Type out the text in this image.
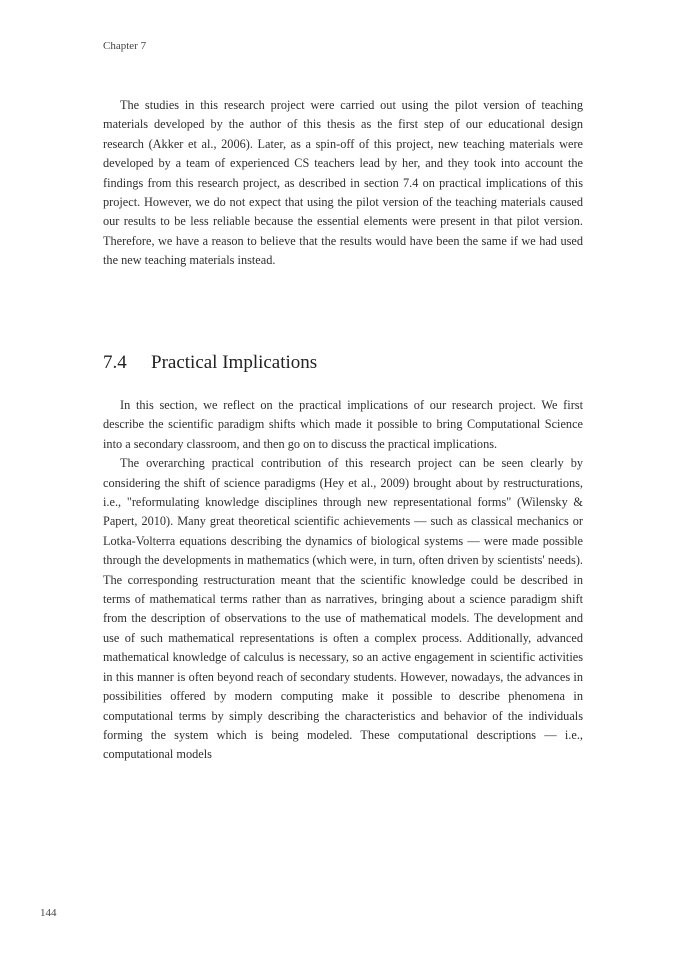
Chapter 7

The studies in this research project were carried out using the pilot version of teaching materials developed by the author of this thesis as the first step of our educational design research (Akker et al., 2006). Later, as a spin-off of this project, new teaching materials were developed by a team of experienced CS teachers lead by her, and they took into account the findings from this research project, as described in section 7.4 on practical implications of this project. However, we do not expect that using the pilot version of the teaching materials caused our results to be less reliable because the essential elements were present in that pilot version. Therefore, we have a reason to believe that the results would have been the same if we had used the new teaching materials instead.

7.4 Practical Implications

In this section, we reflect on the practical implications of our research project. We first describe the scientific paradigm shifts which made it possible to bring Computational Science into a secondary classroom, and then go on to discuss the practical implications.

The overarching practical contribution of this research project can be seen clearly by considering the shift of science paradigms (Hey et al., 2009) brought about by restructurations, i.e., "reformulating knowledge disciplines through new representational forms" (Wilensky & Papert, 2010). Many great theoretical scientific achievements — such as classical mechanics or Lotka-Volterra equations describing the dynamics of biological systems — were made possible through the developments in mathematics (which were, in turn, often driven by scientists' needs). The corresponding restructuration meant that the scientific knowledge could be described in terms of mathematical terms rather than as narratives, bringing about a science paradigm shift from the description of observations to the use of mathematical models. The development and use of such mathematical representations is often a complex process. Additionally, advanced mathematical knowledge of calculus is necessary, so an active engagement in scientific activities in this manner is often beyond reach of secondary students. However, nowadays, the advances in possibilities offered by modern computing make it possible to describe phenomena in computational terms by simply describing the characteristics and behavior of the individuals forming the system which is being modeled. These computational descriptions — i.e., computational models

144
